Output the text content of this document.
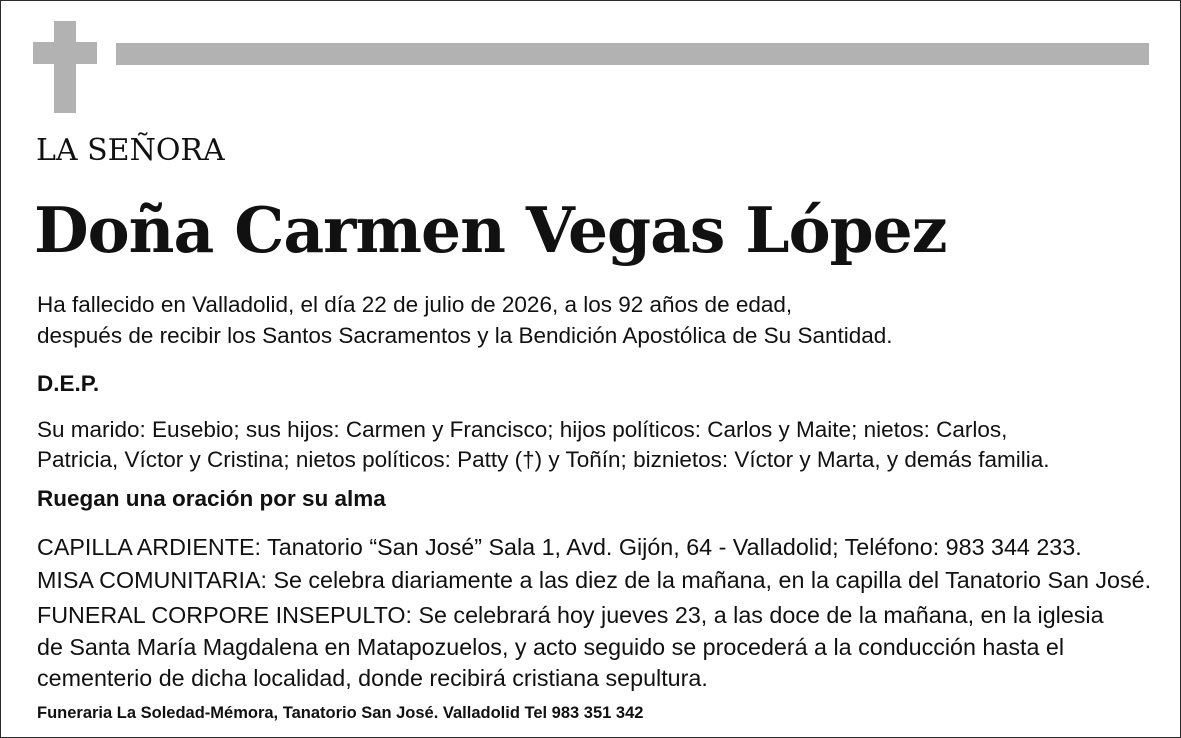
LA SEÑORA
Doña Carmen Vegas López
Ha fallecido en Valladolid, el día 22 de julio de 2026, a los 92 años de edad,
después de recibir los Santos Sacramentos y la Bendición Apostólica de Su Santidad.
D.E.P.
Su marido: Eusebio; sus hijos: Carmen y Francisco; hijos políticos: Carlos y Maite; nietos: Carlos,
Patricia, Víctor y Cristina; nietos políticos: Patty (†) y Toñín; biznietos: Víctor y Marta, y demás familia.
Ruegan una oración por su alma
CAPILLA ARDIENTE: Tanatorio “San José” Sala 1, Avd. Gijón, 64 - Valladolid; Teléfono: 983 344 233.
MISA COMUNITARIA: Se celebra diariamente a las diez de la mañana, en la capilla del Tanatorio San José.
FUNERAL CORPORE INSEPULTO: Se celebrará hoy jueves 23, a las doce de la mañana, en la iglesia
de Santa María Magdalena en Matapozuelos, y acto seguido se procederá a la conducción hasta el
cementerio de dicha localidad, donde recibirá cristiana sepultura.
Funeraria La Soledad-Mémora, Tanatorio San José. Valladolid Tel 983 351 342
